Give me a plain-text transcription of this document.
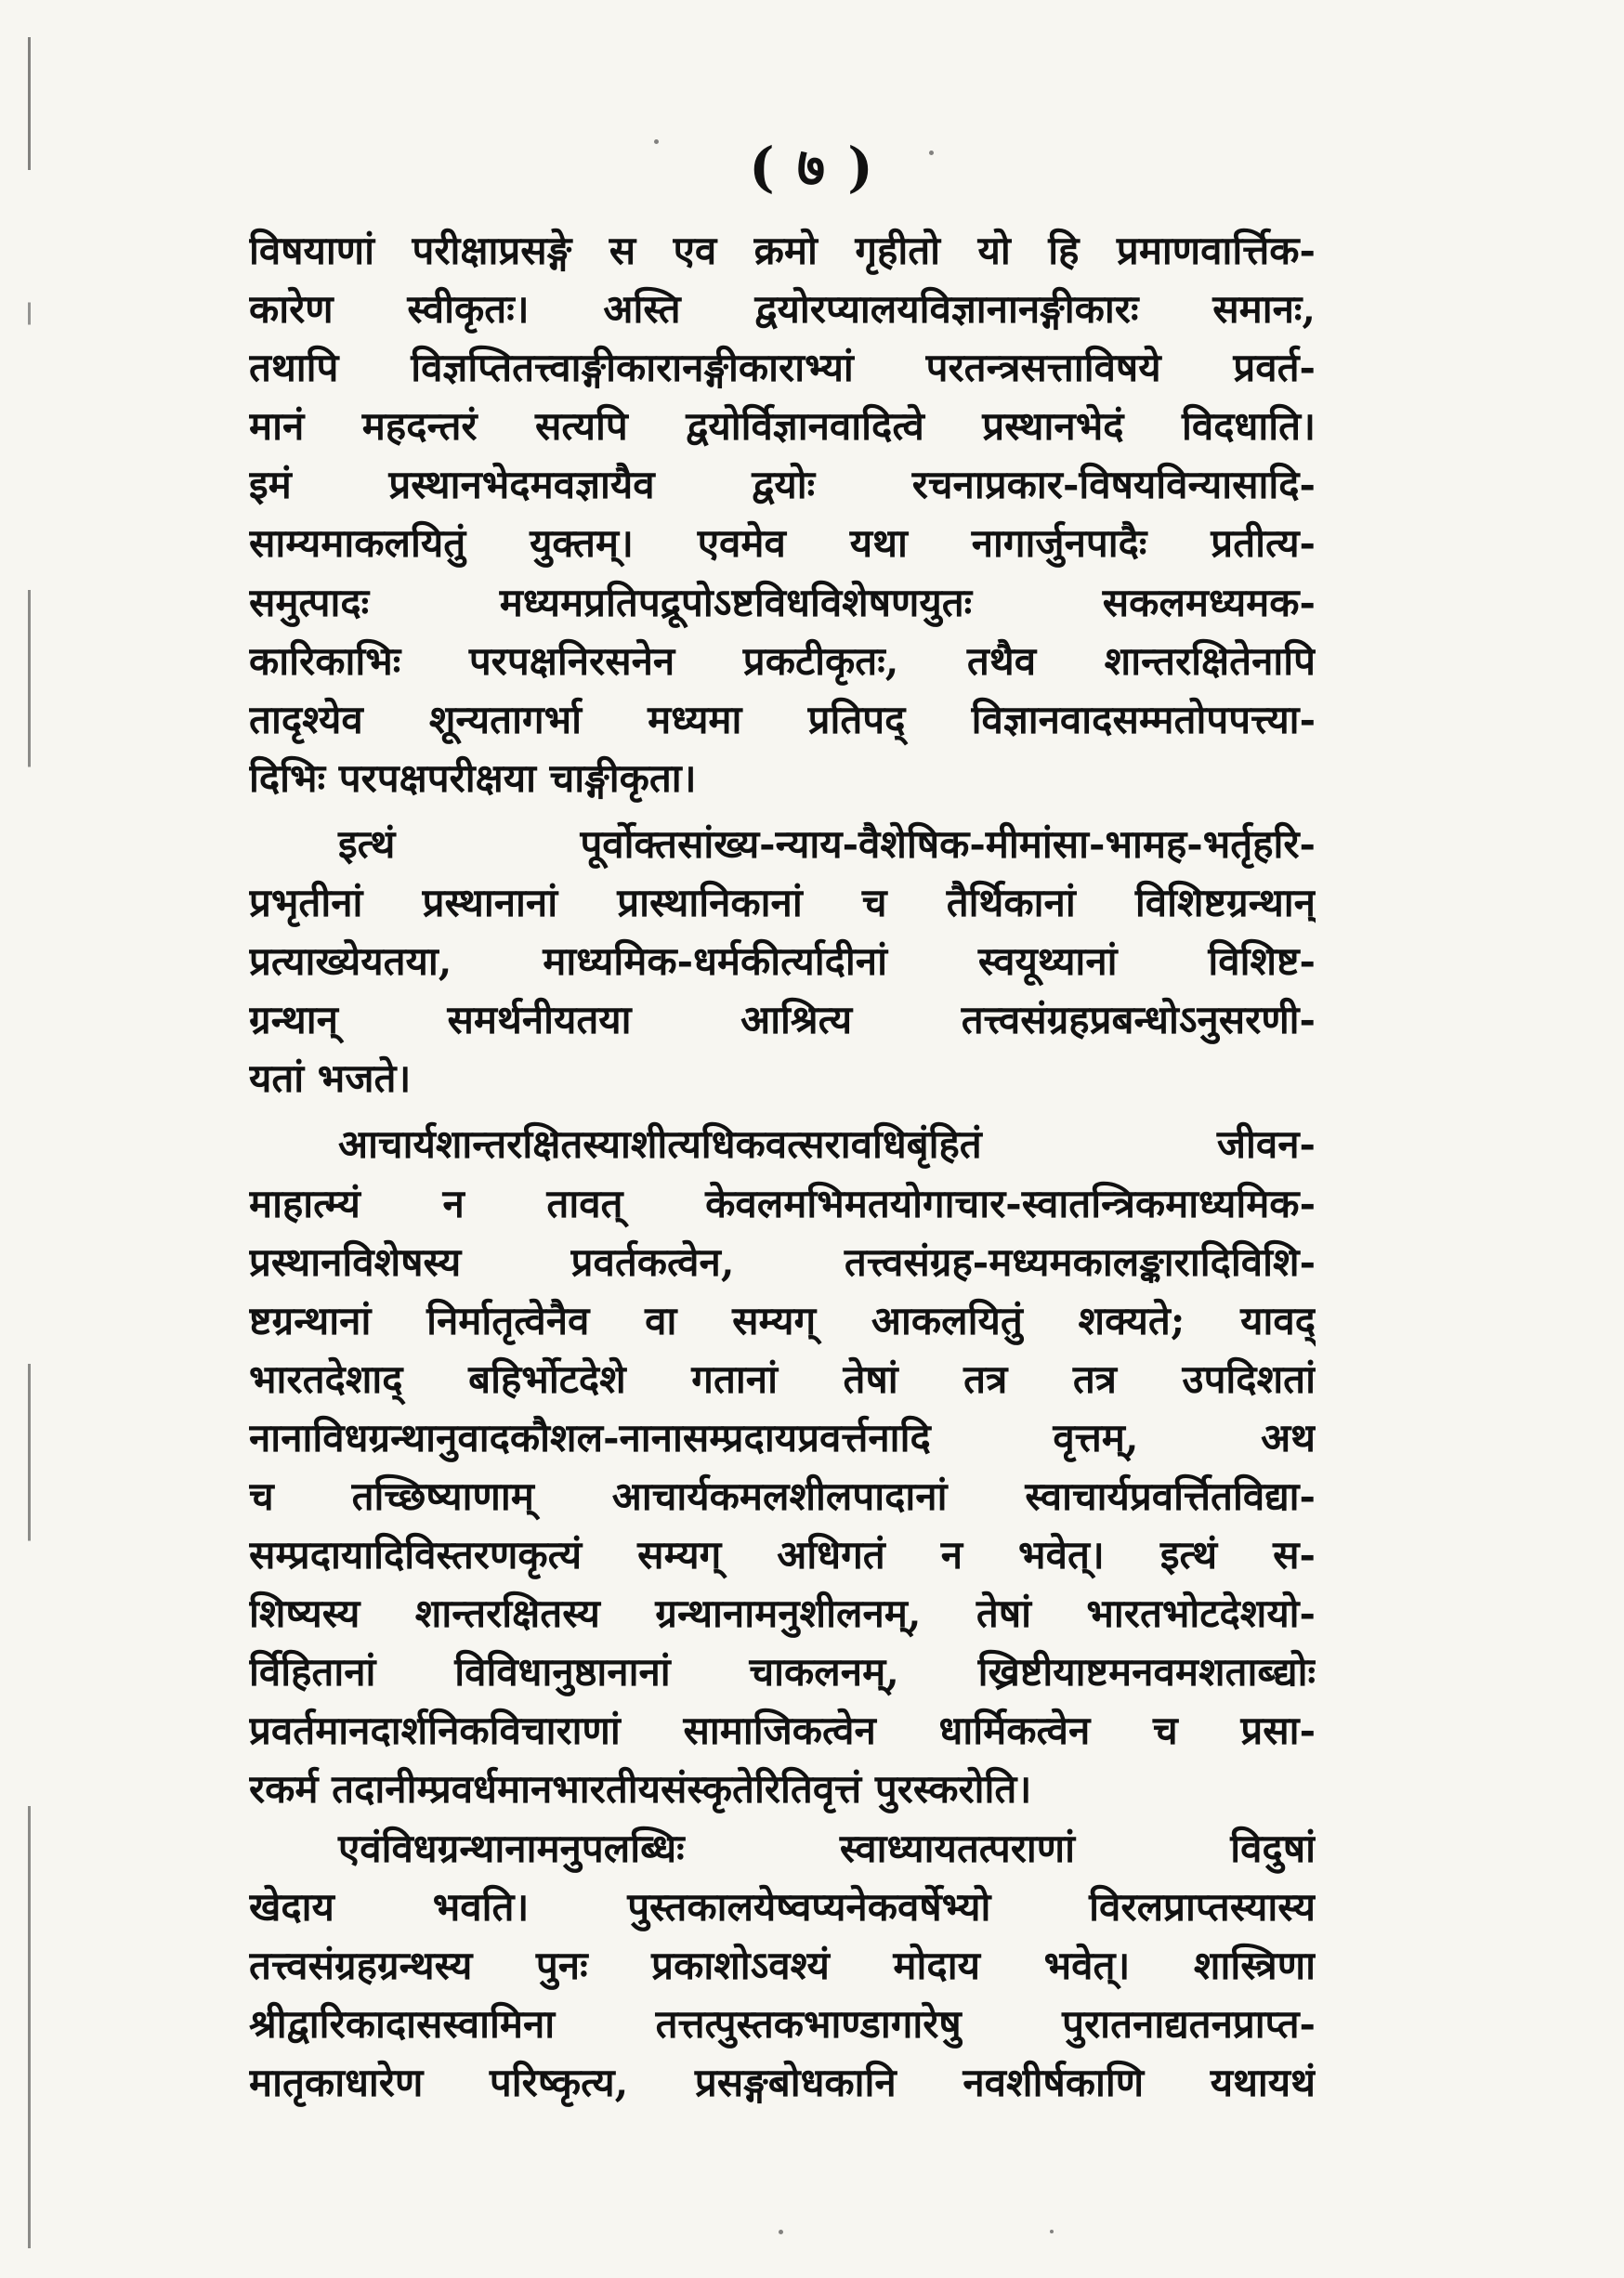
( ७ )
विषयाणां परीक्षाप्रसङ्गे स एव क्रमो गृहीतो यो हि प्रमाणवार्त्तिक-
कारेण स्वीकृतः। अस्ति द्वयोरप्यालयविज्ञानानङ्गीकारः समानः,
तथापि विज्ञप्तितत्त्वाङ्गीकारानङ्गीकाराभ्यां परतन्त्रसत्ताविषये प्रवर्त-
मानं महदन्तरं सत्यपि द्वयोर्विज्ञानवादित्वे प्रस्थानभेदं विदधाति।
इमं प्रस्थानभेदमवज्ञायैव द्वयोः रचनाप्रकार-विषयविन्यासादि-
साम्यमाकलयितुं युक्तम्। एवमेव यथा नागार्जुनपादैः प्रतीत्य-
समुत्पादः मध्यमप्रतिपद्रूपोऽष्टविधविशेषणयुतः सकलमध्यमक-
कारिकाभिः परपक्षनिरसनेन प्रकटीकृतः, तथैव शान्तरक्षितेनापि
तादृश्येव शून्यतागर्भा मध्यमा प्रतिपद् विज्ञानवादसम्मतोपपत्त्या-
दिभिः परपक्षपरीक्षया चाङ्गीकृता।
इत्थं पूर्वोक्तसांख्य-न्याय-वैशेषिक-मीमांसा-भामह-भर्तृहरि-
प्रभृतीनां प्रस्थानानां प्रास्थानिकानां च तैर्थिकानां विशिष्टग्रन्थान्
प्रत्याख्येयतया, माध्यमिक-धर्मकीर्त्यादीनां स्वयूथ्यानां विशिष्ट-
ग्रन्थान् समर्थनीयतया आश्रित्य तत्त्वसंग्रहप्रबन्धोऽनुसरणी-
यतां भजते।
आचार्यशान्तरक्षितस्याशीत्यधिकवत्सरावधिबृंहितं जीवन-
माहात्म्यं न तावत् केवलमभिमतयोगाचार-स्वातन्त्रिकमाध्यमिक-
प्रस्थानविशेषस्य प्रवर्तकत्वेन, तत्त्वसंग्रह-मध्यमकालङ्कारादिविशि-
ष्टग्रन्थानां निर्मातृत्वेनैव वा सम्यग् आकलयितुं शक्यते; यावद्
भारतदेशाद् बहिर्भोटदेशे गतानां तेषां तत्र तत्र उपदिशतां
नानाविधग्रन्थानुवादकौशल-नानासम्प्रदायप्रवर्त्तनादि वृत्तम्, अथ
च तच्छिष्याणाम् आचार्यकमलशीलपादानां स्वाचार्यप्रवर्त्तितविद्या-
सम्प्रदायादिविस्तरणकृत्यं सम्यग् अधिगतं न भवेत्। इत्थं स-
शिष्यस्य शान्तरक्षितस्य ग्रन्थानामनुशीलनम्, तेषां भारतभोटदेशयो-
र्विहितानां विविधानुष्ठानानां चाकलनम्, ख्रिष्टीयाष्टमनवमशताब्द्योः
प्रवर्तमानदार्शनिकविचाराणां सामाजिकत्वेन धार्मिकत्वेन च प्रसा-
रकर्म तदानीम्प्रवर्धमानभारतीयसंस्कृतेरितिवृत्तं पुरस्करोति।
एवंविधग्रन्थानामनुपलब्धिः स्वाध्यायतत्पराणां विदुषां
खेदाय भवति। पुस्तकालयेष्वप्यनेकवर्षेभ्यो विरलप्राप्तस्यास्य
तत्त्वसंग्रहग्रन्थस्य पुनः प्रकाशोऽवश्यं मोदाय भवेत्। शास्त्रिणा
श्रीद्वारिकादासस्वामिना तत्तत्पुस्तकभाण्डागारेषु पुरातनाद्यतनप्राप्त-
मातृकाधारेण परिष्कृत्य, प्रसङ्गबोधकानि नवशीर्षकाणि यथायथं
